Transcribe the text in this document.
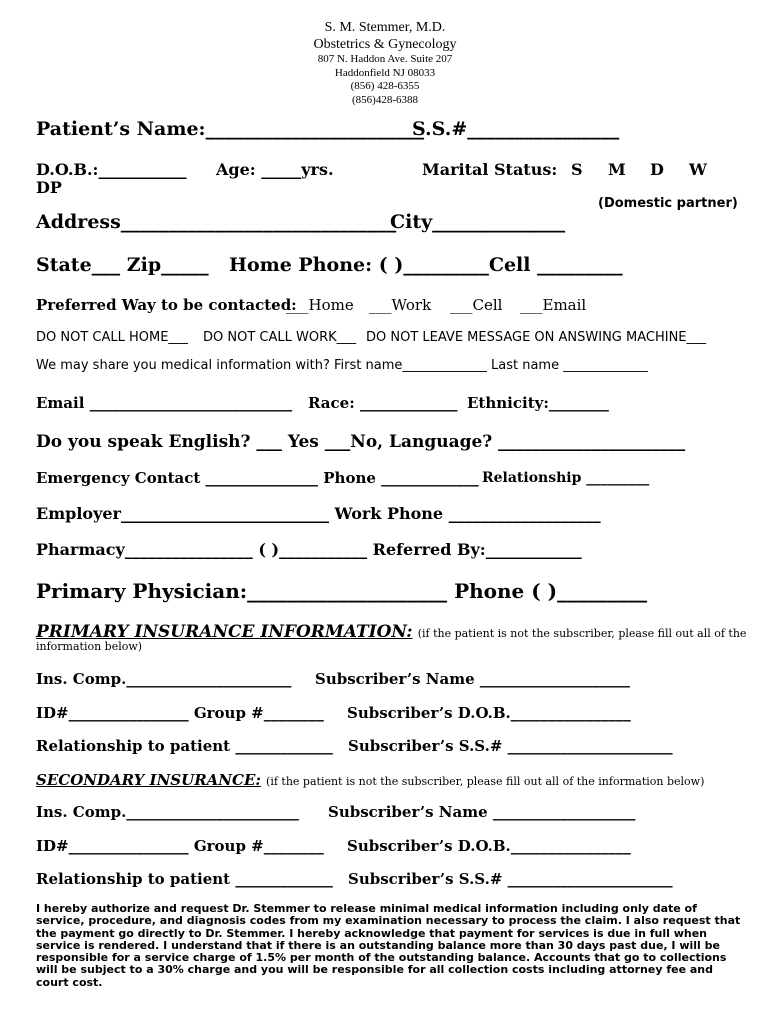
S. M. Stemmer, M.D.
Obstetrics & Gynecology
807 N. Haddon Ave. Suite 207
Haddonfield NJ 08033
(856) 428-6355
(856)428-6388
Patient’s Name:_______________________
S.S.#________________
D.O.B.:___________ Age: _____yrs.	Marital Status: S M D W
DP
(Domestic partner)
Address_____________________________
City______________
State___ Zip_____ Home Phone: ( )_________Cell _________
Preferred Way to be contacted:
___Home ___Work ___Cell ___Email
DO NOT CALL HOME___ DO NOT CALL WORK___ DO NOT LEAVE MESSAGE ON ANSWING MACHINE___
We may share you medical information with? First name_____________ Last name _____________
Email ___________________________ Race: _____________ Ethnicity:________
Do you speak English? ___ Yes ___No, Language? ______________________
Emergency Contact _______________ Phone _____________ Relationship _________
Employer__________________________ Work Phone ___________________
Pharmacy________________ ( )___________ Referred By:____________
Primary Physician:____________________ Phone ( )_________
PRIMARY INSURANCE INFORMATION: (if the patient is not the subscriber, please fill out all of the
information below)
Ins. Comp.______________________ Subscriber’s Name ____________________
ID#________________ Group #________ Subscriber’s D.O.B.________________
Relationship to patient _____________ Subscriber’s S.S.# ______________________
SECONDARY INSURANCE: (if the patient is not the subscriber, please fill out all of the information below)
Ins. Comp._______________________ Subscriber’s Name ___________________
ID#________________ Group #________ Subscriber’s D.O.B.________________
Relationship to patient _____________ Subscriber’s S.S.# ______________________
I hereby authorize and request Dr. Stemmer to release minimal medical information including only date of service, procedure, and diagnosis codes from my examination necessary to process the claim. I also request that the payment go directly to Dr. Stemmer. I hereby acknowledge that payment for services is due in full when service is rendered. I understand that if there is an outstanding balance more than 30 days past due, I will be responsible for a service charge of 1.5% per month of the outstanding balance. Accounts that go to collections will be subject to a 30% charge and you will be responsible for all collection costs including attorney fee and court cost.
